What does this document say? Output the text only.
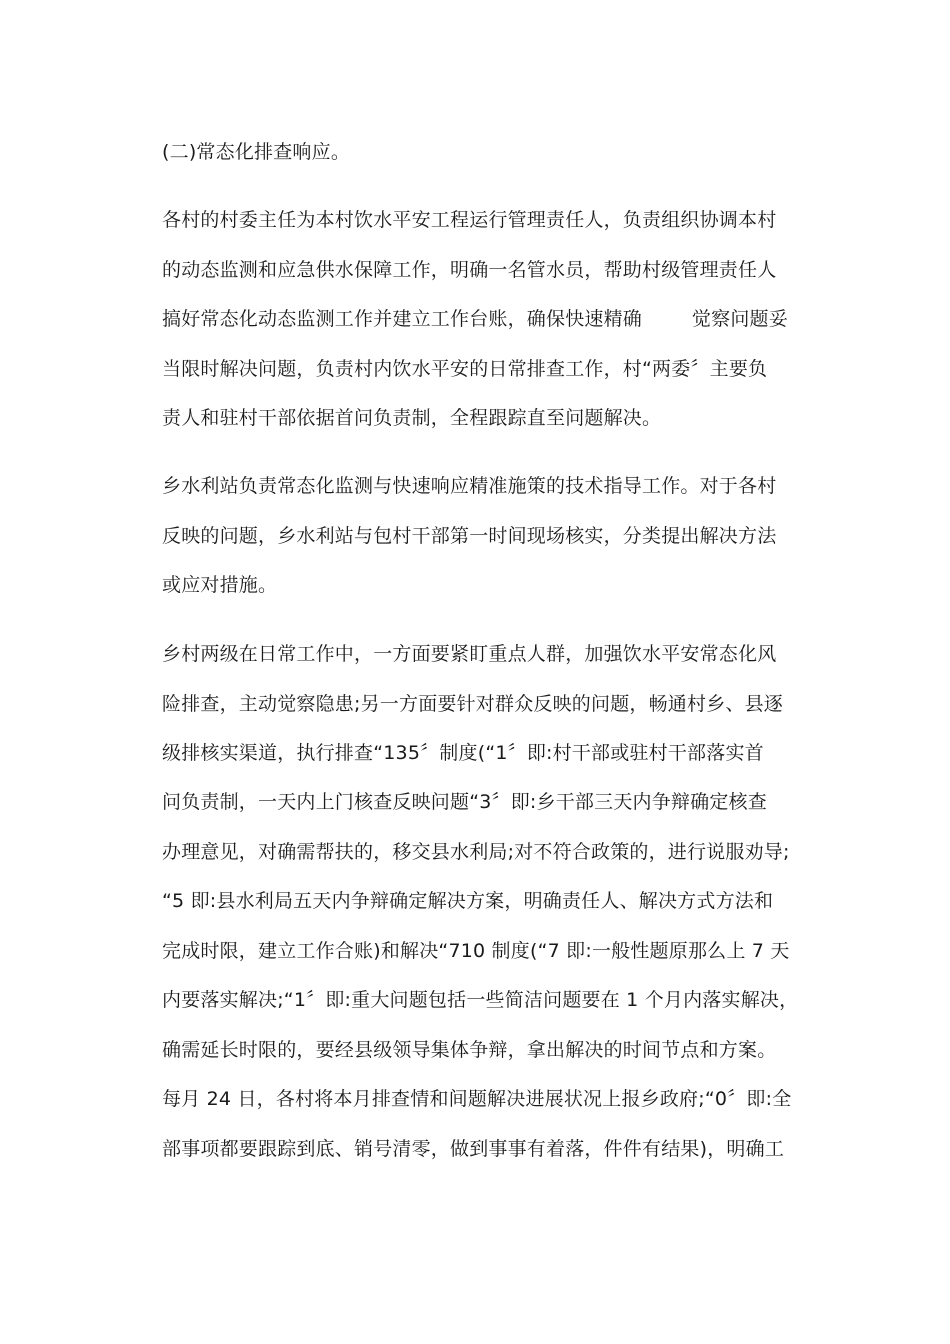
(二)常态化排查响应。
各村的村委主任为本村饮水平安工程运行管理责任人，负责组织协调本村
的动态监测和应急供水保障工作，明确一名管水员，帮助村级管理责任人
搞好常态化动态监测工作并建立工作台账，确保快速精确        觉察问题妥
当限时解决问题，负责村内饮水平安的日常排查工作，村“两委〞主要负
责人和驻村干部依据首问负责制，全程跟踪直至问题解决。
乡水利站负责常态化监测与快速响应精准施策的技术指导工作。对于各村
反映的问题，乡水利站与包村干部第一时间现场核实，分类提出解决方法
或应对措施。
乡村两级在日常工作中，一方面要紧盯重点人群，加强饮水平安常态化风
险排查，主动觉察隐患;另一方面要针对群众反映的问题，畅通村乡、县逐
级排核实渠道，执行排查“135〞制度(“1〞即:村干部或驻村干部落实首
问负责制，一天内上门核查反映问题“3〞即:乡干部三天内争辩确定核查
办理意见，对确需帮扶的，移交县水利局;对不符合政策的，进行说服劝导;
“5 即:县水利局五天内争辩确定解决方案，明确责任人、解决方式方法和
完成时限，建立工作合账)和解决“710 制度(“7 即:一般性题原那么上 7 天
内要落实解决;“1〞即:重大问题包括一些简洁问题要在 1 个月内落实解决，
确需延长时限的，要经县级领导集体争辩，拿出解决的时间节点和方案。
每月 24 日，各村将本月排查情和间题解决进展状况上报乡政府;“0〞即:全
部事项都要跟踪到底、销号清零，做到事事有着落，件件有结果)，明确工
